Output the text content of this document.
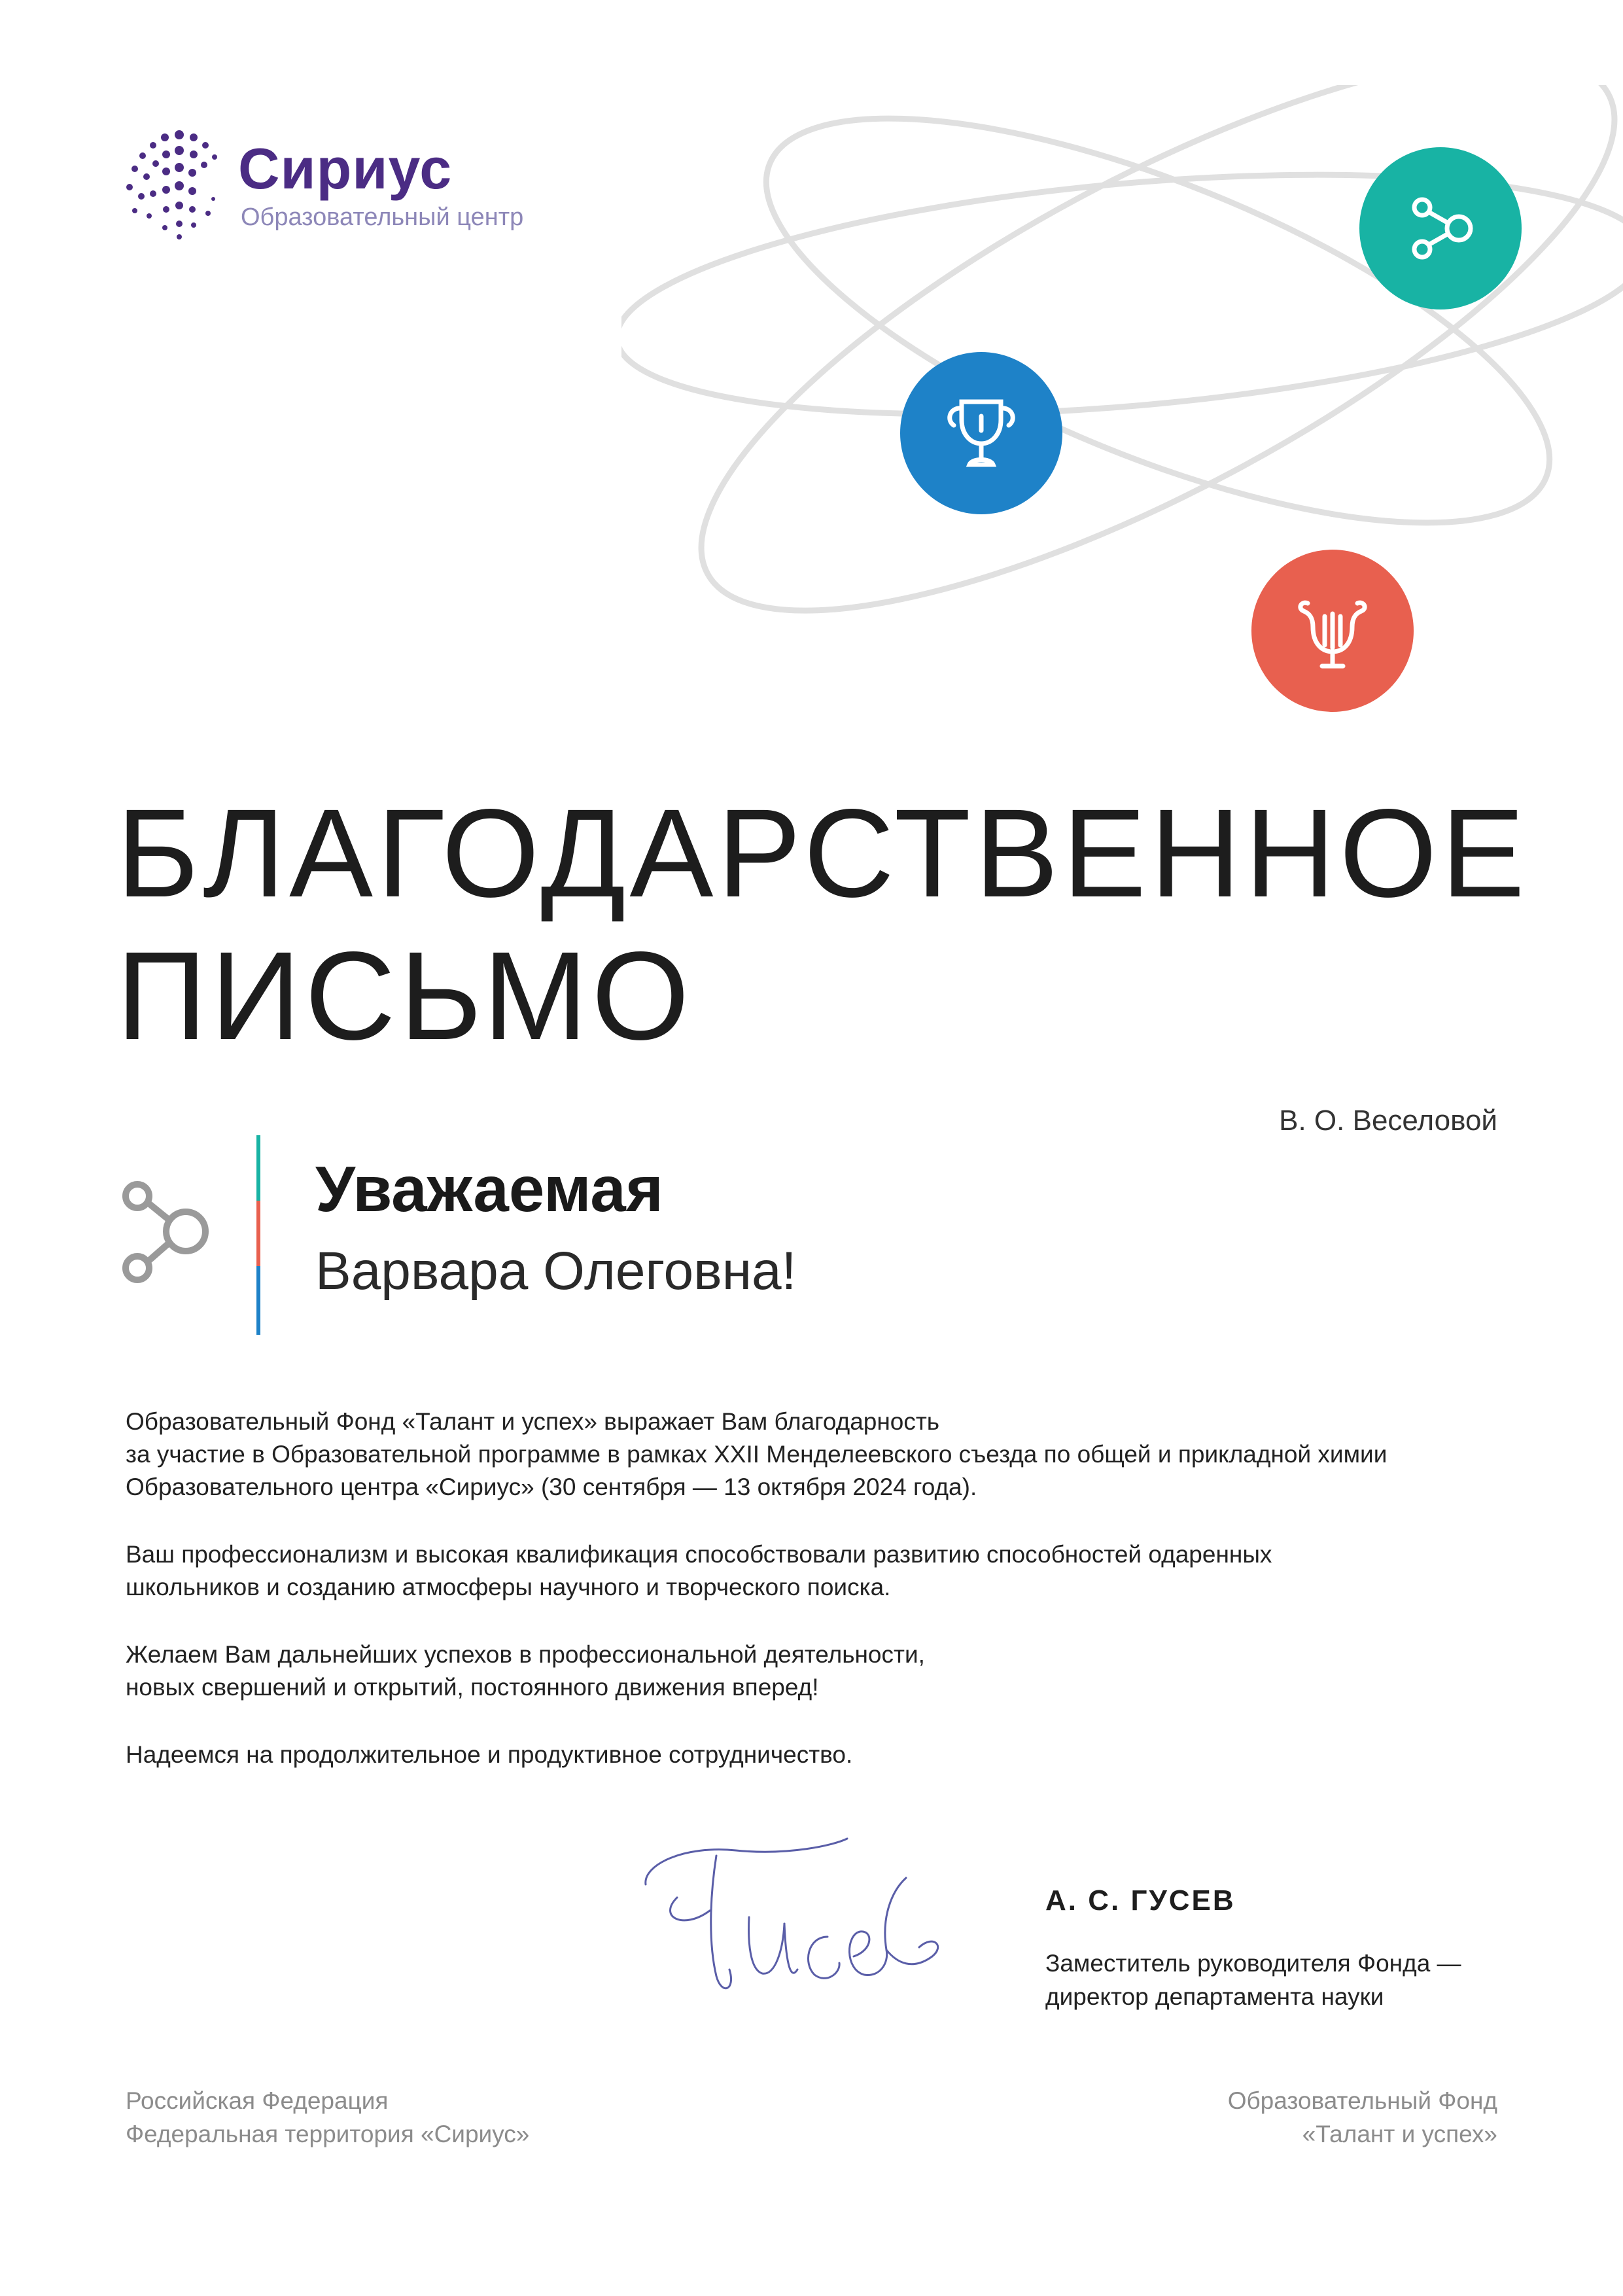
Сириус
Образовательный центр
БЛАГОДАРСТВЕННОЕ
ПИСЬМО
В. О. Веселовой
Уважаемая
Варвара Олеговна!

Образовательный Фонд «Талант и успех» выражает Вам благодарность
за участие в Образовательной программе в рамках XXII Менделеевского съезда по общей и прикладной химии
Образовательного центра «Сириус» (30 сентября — 13 октября 2024 года).

Ваш профессионализм и высокая квалификация способствовали развитию способностей одаренных
школьников и созданию атмосферы научного и творческого поиска.

Желаем Вам дальнейших успехов в профессиональной деятельности,
новых свершений и открытий, постоянного движения вперед!

Надеемся на продолжительное и продуктивное сотрудничество.

А. С. ГУСЕВ
Заместитель руководителя Фонда —
директор департамента науки
Российская Федерация
Федеральная территория «Сириус»
Образовательный Фонд
«Талант и успех»
